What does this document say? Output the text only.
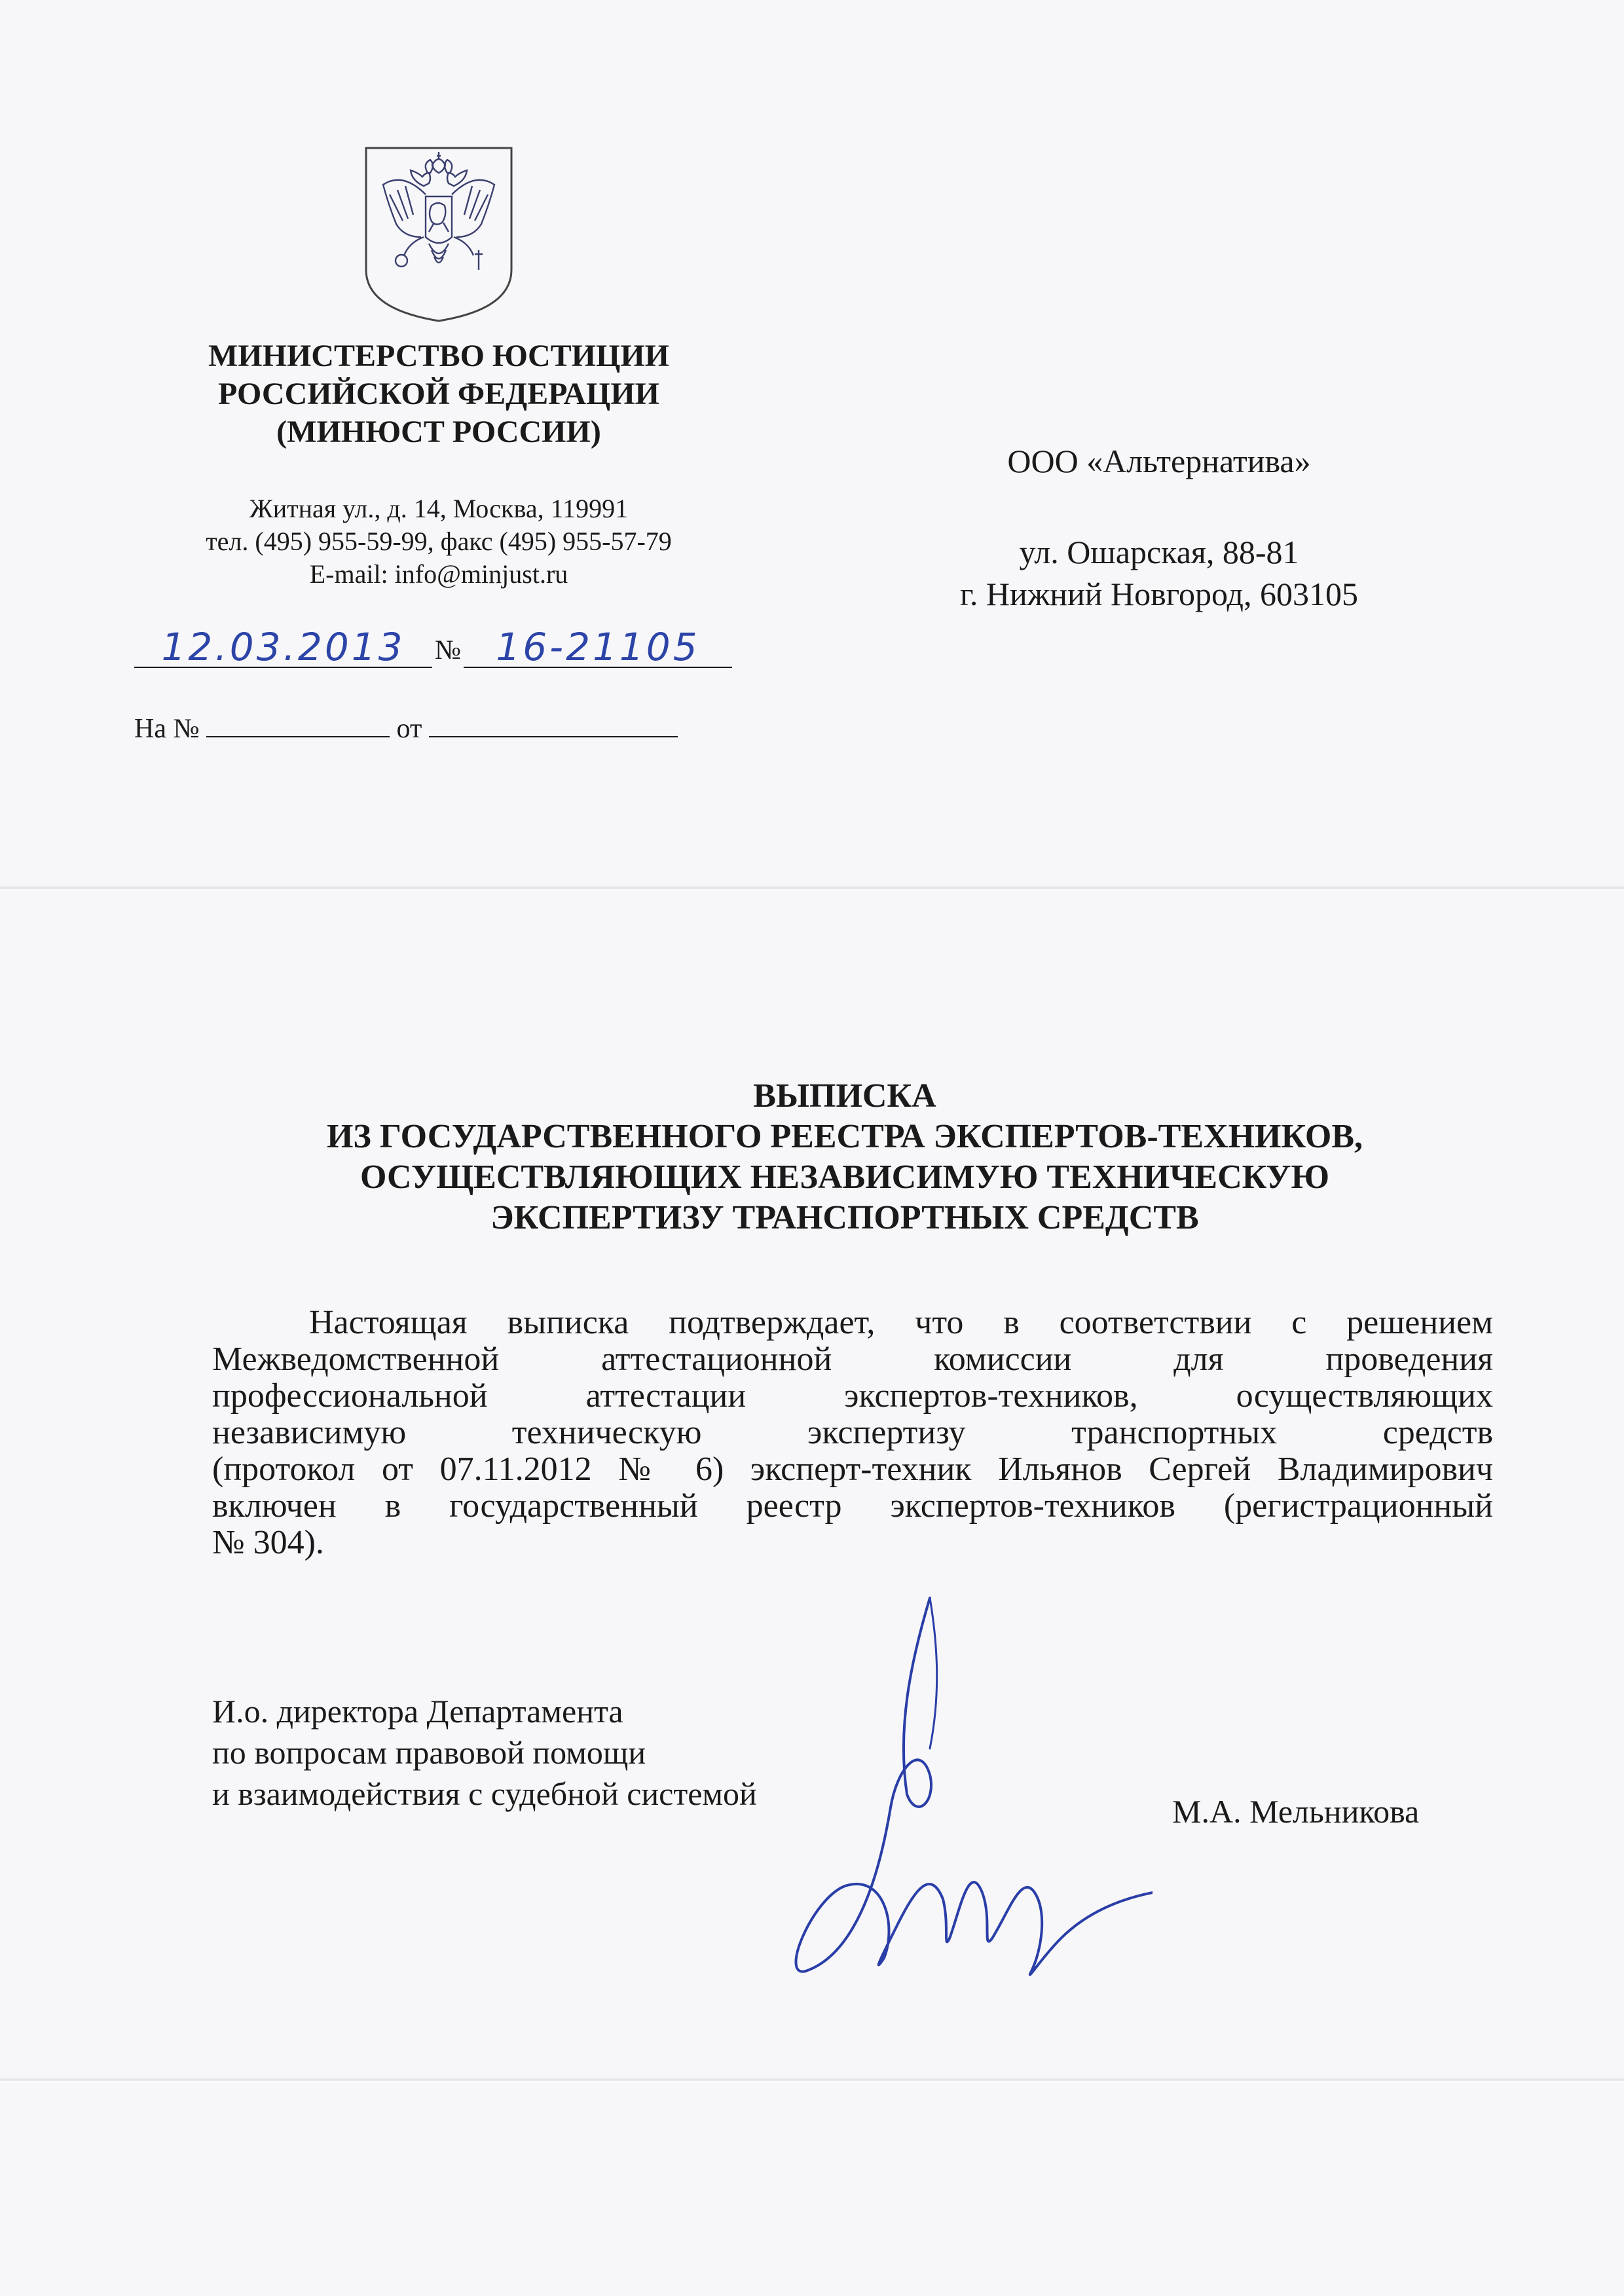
МИНИСТЕРСТВО ЮСТИЦИИ
РОССИЙСКОЙ ФЕДЕРАЦИИ
(МИНЮСТ РОССИИ)
Житная ул., д. 14, Москва, 119991
тел. (495) 955-59-99, факс (495) 955-57-79
E-mail: info@minjust.ru
12.03.2013	№ 16-21105
На №	от
ООО «Альтернатива»
ул. Ошарская, 88-81
г. Нижний Новгород, 603105
ВЫПИСКА
ИЗ ГОСУДАРСТВЕННОГО РЕЕСТРА ЭКСПЕРТОВ-ТЕХНИКОВ,
ОСУЩЕСТВЛЯЮЩИХ НЕЗАВИСИМУЮ ТЕХНИЧЕСКУЮ
ЭКСПЕРТИЗУ ТРАНСПОРТНЫХ СРЕДСТВ
Настоящая выписка подтверждает, что в соответствии с решением
Межведомственной аттестационной комиссии для проведения
профессиональной аттестации экспертов-техников, осуществляющих
независимую техническую экспертизу транспортных средств
(протокол от 07.11.2012 № 6) эксперт-техник Ильянов Сергей Владимирович
включен в государственный реестр экспертов-техников (регистрационный
№ 304).
И.о. директора Департамента
по вопросам правовой помощи
и взаимодействия с судебной системой	М.А. Мельникова
